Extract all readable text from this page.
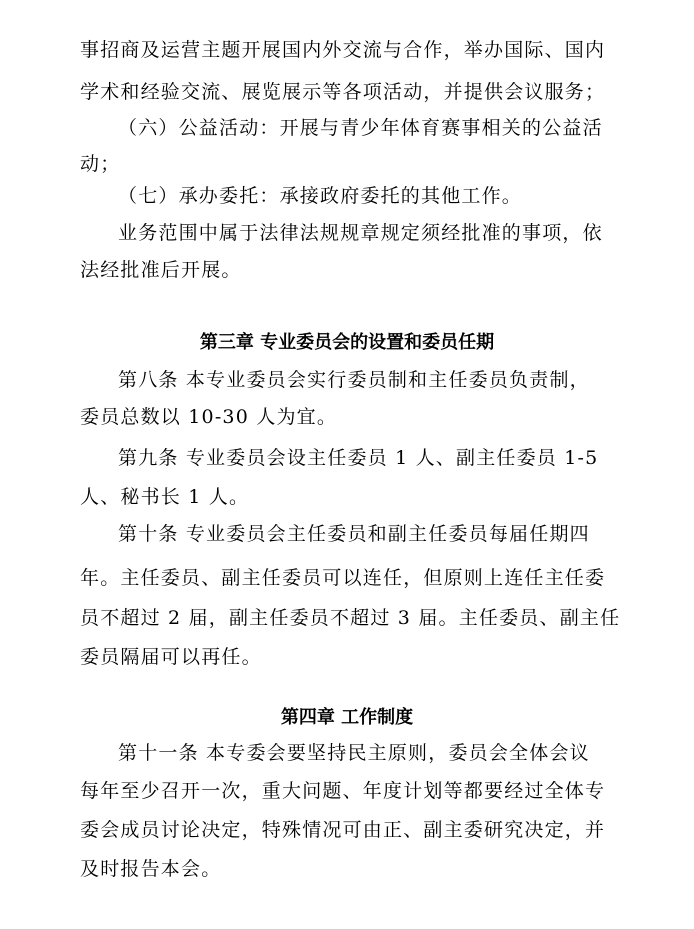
事招商及运营主题开展国内外交流与合作，举办国际、国内
学术和经验交流、展览展示等各项活动，并提供会议服务；
（六）公益活动：开展与青少年体育赛事相关的公益活
动；
（七）承办委托：承接政府委托的其他工作。
业务范围中属于法律法规规章规定须经批准的事项，依
法经批准后开展。
第三章 专业委员会的设置和委员任期
第八条 本专业委员会实行委员制和主任委员负责制，
委员总数以 10-30 人为宜。
第九条 专业委员会设主任委员 1 人、副主任委员 1-5
人、秘书长 1 人。
第十条 专业委员会主任委员和副主任委员每届任期四
年。主任委员、副主任委员可以连任，但原则上连任主任委
员不超过 2 届，副主任委员不超过 3 届。主任委员、副主任
委员隔届可以再任。
第四章 工作制度
第十一条 本专委会要坚持民主原则，委员会全体会议
每年至少召开一次，重大问题、年度计划等都要经过全体专
委会成员讨论决定，特殊情况可由正、副主委研究决定，并
及时报告本会。
